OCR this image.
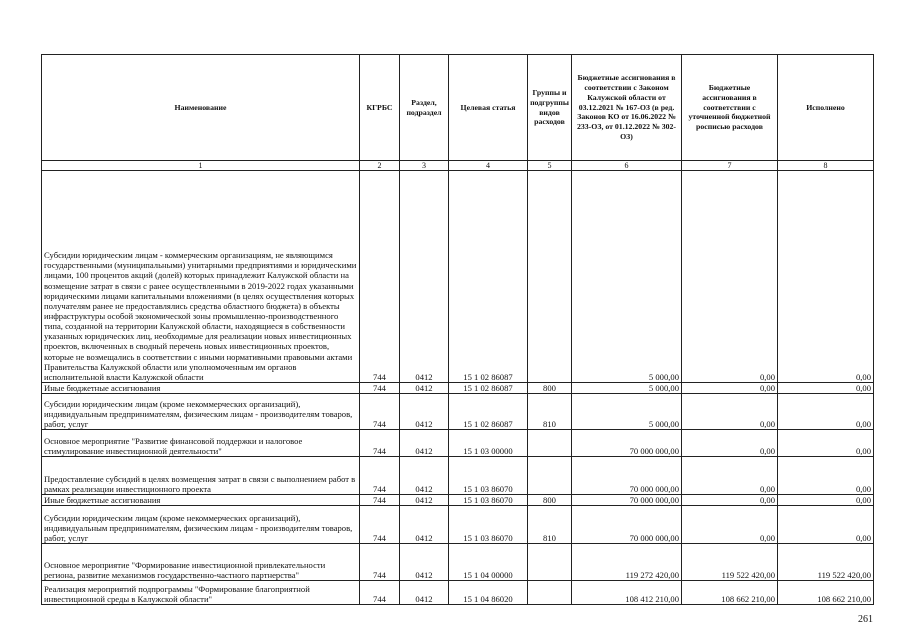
Наименование	КГРБС	Раздел, подраздел	Целевая статья	Группы и подгруппы видов расходов	Бюджетные ассигнования в соответствии с Законом Калужской области от 03.12.2021 № 167-ОЗ (в ред. Законов КО от 16.06.2022 № 233-ОЗ, от 01.12.2022 № 302-ОЗ)	Бюджетные ассигнования в соответствии с уточненной бюджетной росписью расходов	Исполнено
1	2	3	4	5	6	7	8
Субсидии юридическим лицам - коммерческим организациям, не являющимся государственными (муниципальными) унитарными предприятиями и юридическими лицами, 100 процентов акций (долей) которых принадлежит Калужской области на возмещение затрат в связи с ранее осуществленными в 2019-2022 годах указанными юридическими лицами капитальными вложениями (в целях осуществления которых получателям ранее не предоставлялись средства областного бюджета) в объекты инфраструктуры особой экономической зоны промышленно-производственного типа, созданной на территории Калужской области, находящиеся в собственности указанных юридических лиц, необходимые для реализации новых инвестиционных проектов, включенных в сводный перечень новых инвестиционных проектов, которые не возмещались в соответствии с иными нормативными правовыми актами Правительства Калужской области или уполномоченным им органов исполнительной власти Калужской области	744	0412	15 1 02 86087		5 000,00	0,00	0,00
Иные бюджетные ассигнования	744	0412	15 1 02 86087	800	5 000,00	0,00	0,00
Субсидии юридическим лицам (кроме некоммерческих организаций), индивидуальным предпринимателям, физическим лицам - производителям товаров, работ, услуг	744	0412	15 1 02 86087	810	5 000,00	0,00	0,00
Основное мероприятие "Развитие финансовой поддержки и налоговое стимулирование инвестиционной деятельности"	744	0412	15 1 03 00000		70 000 000,00	0,00	0,00
Предоставление субсидий в целях возмещения затрат в связи с выполнением работ в рамках реализации инвестиционного проекта	744	0412	15 1 03 86070		70 000 000,00	0,00	0,00
Иные бюджетные ассигнования	744	0412	15 1 03 86070	800	70 000 000,00	0,00	0,00
Субсидии юридическим лицам (кроме некоммерческих организаций), индивидуальным предпринимателям, физическим лицам - производителям товаров, работ, услуг	744	0412	15 1 03 86070	810	70 000 000,00	0,00	0,00
Основное мероприятие "Формирование инвестиционной привлекательности региона, развитие механизмов государственно-частного партнерства"	744	0412	15 1 04 00000		119 272 420,00	119 522 420,00	119 522 420,00
Реализация мероприятий подпрограммы "Формирование благоприятной инвестиционной среды в Калужской области"	744	0412	15 1 04 86020		108 412 210,00	108 662 210,00	108 662 210,00
261
